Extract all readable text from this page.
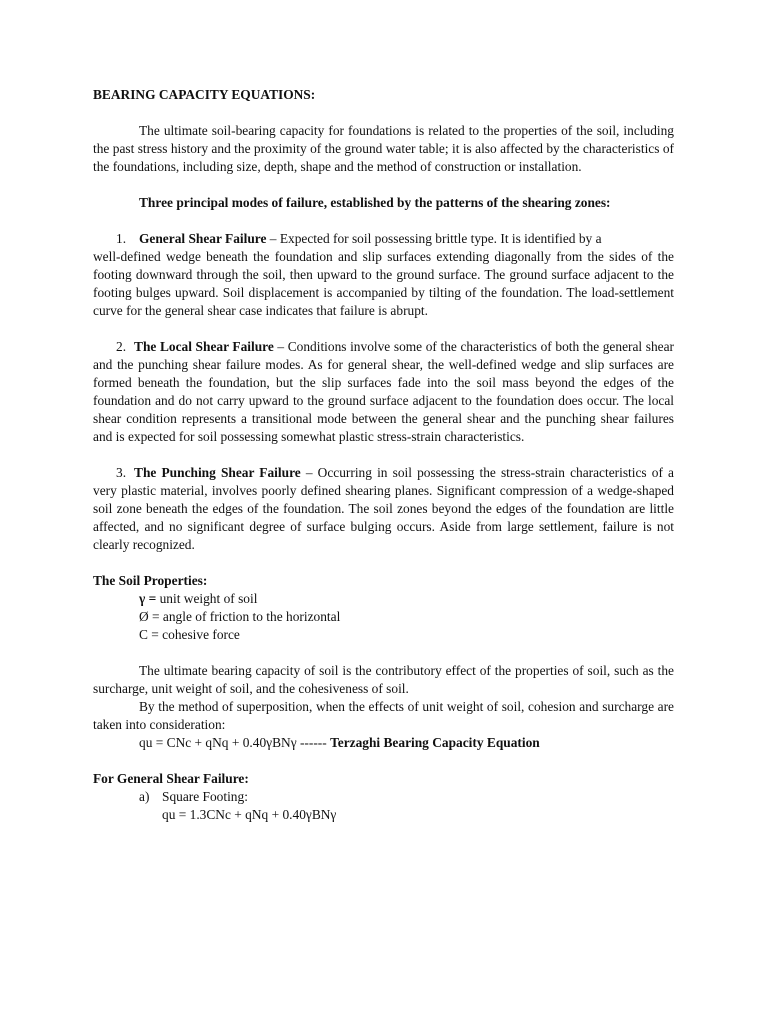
BEARING CAPACITY EQUATIONS:

The ultimate soil-bearing capacity for foundations is related to the properties of the soil, including the past stress history and the proximity of the ground water table; it is also affected by the characteristics of the foundations, including size, depth, shape and the method of construction or installation.

Three principal modes of failure, established by the patterns of the shearing zones:

1. General Shear Failure – Expected for soil possessing brittle type. It is identified by a

well-defined wedge beneath the foundation and slip surfaces extending diagonally from the sides of the footing downward through the soil, then upward to the ground surface. The ground surface adjacent to the footing bulges upward. Soil displacement is accompanied by tilting of the foundation. The load-settlement curve for the general shear case indicates that failure is abrupt.

2. The Local Shear Failure – Conditions involve some of the characteristics of both the general shear and the punching shear failure modes. As for general shear, the well-defined wedge and slip surfaces are formed beneath the foundation, but the slip surfaces fade into the soil mass beyond the edges of the foundation and do not carry upward to the ground surface adjacent to the foundation does occur. The local shear condition represents a transitional mode between the general shear and the punching shear failures and is expected for soil possessing somewhat plastic stress-strain characteristics.

3. The Punching Shear Failure – Occurring in soil possessing the stress-strain characteristics of a very plastic material, involves poorly defined shearing planes. Significant compression of a wedge-shaped soil zone beneath the edges of the foundation. The soil zones beyond the edges of the foundation are little affected, and no significant degree of surface bulging occurs. Aside from large settlement, failure is not clearly recognized.

The Soil Properties:

γ = unit weight of soil

Ø = angle of friction to the horizontal

C = cohesive force

The ultimate bearing capacity of soil is the contributory effect of the properties of soil, such as the surcharge, unit weight of soil, and the cohesiveness of soil.

By the method of superposition, when the effects of unit weight of soil, cohesion and surcharge are taken into consideration:

qu = CNc + qNq + 0.40γBNγ ------ Terzaghi Bearing Capacity Equation

For General Shear Failure:

a) Square Footing:

qu = 1.3CNc + qNq + 0.40γBNγ
